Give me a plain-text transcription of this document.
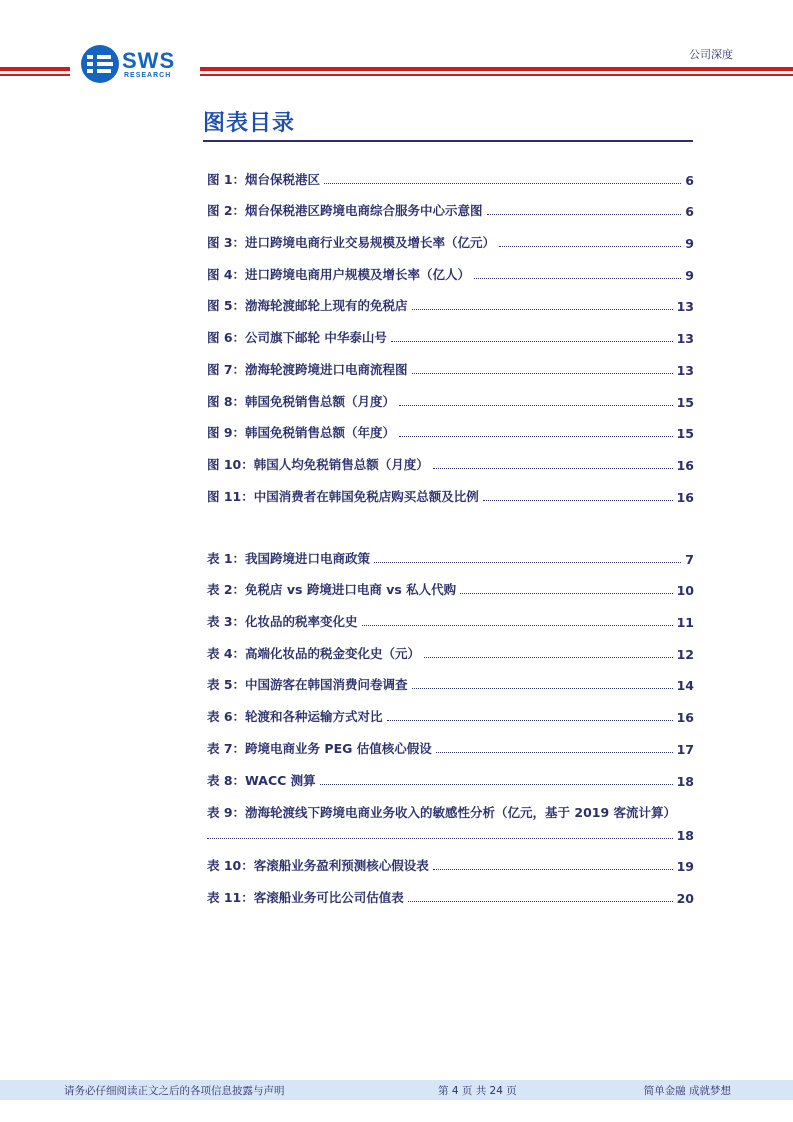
SWS
RESEARCH
公司深度
图表目录
图 1：烟台保税港区	6
图 2：烟台保税港区跨境电商综合服务中心示意图	6
图 3：进口跨境电商行业交易规模及增长率（亿元）	9
图 4：进口跨境电商用户规模及增长率（亿人）	9
图 5：渤海轮渡邮轮上现有的免税店	13
图 6：公司旗下邮轮 中华泰山号	13
图 7：渤海轮渡跨境进口电商流程图	13
图 8：韩国免税销售总额（月度）	15
图 9：韩国免税销售总额（年度）	15
图 10：韩国人均免税销售总额（月度）	16
图 11：中国消费者在韩国免税店购买总额及比例	16
表 1：我国跨境进口电商政策	7
表 2：免税店 vs 跨境进口电商 vs 私人代购	10
表 3：化妆品的税率变化史	11
表 4：高端化妆品的税金变化史（元）	12
表 5：中国游客在韩国消费问卷调查	14
表 6：轮渡和各种运输方式对比	16
表 7：跨境电商业务 PEG 估值核心假设	17
表 8：WACC 测算	18
表 9：渤海轮渡线下跨境电商业务收入的敏感性分析（亿元，基于 2019 客流计算）
18
表 10：客滚船业务盈利预测核心假设表	19
表 11：客滚船业务可比公司估值表	20
请务必仔细阅读正文之后的各项信息披露与声明	第 4 页 共 24 页	简单金融 成就梦想
